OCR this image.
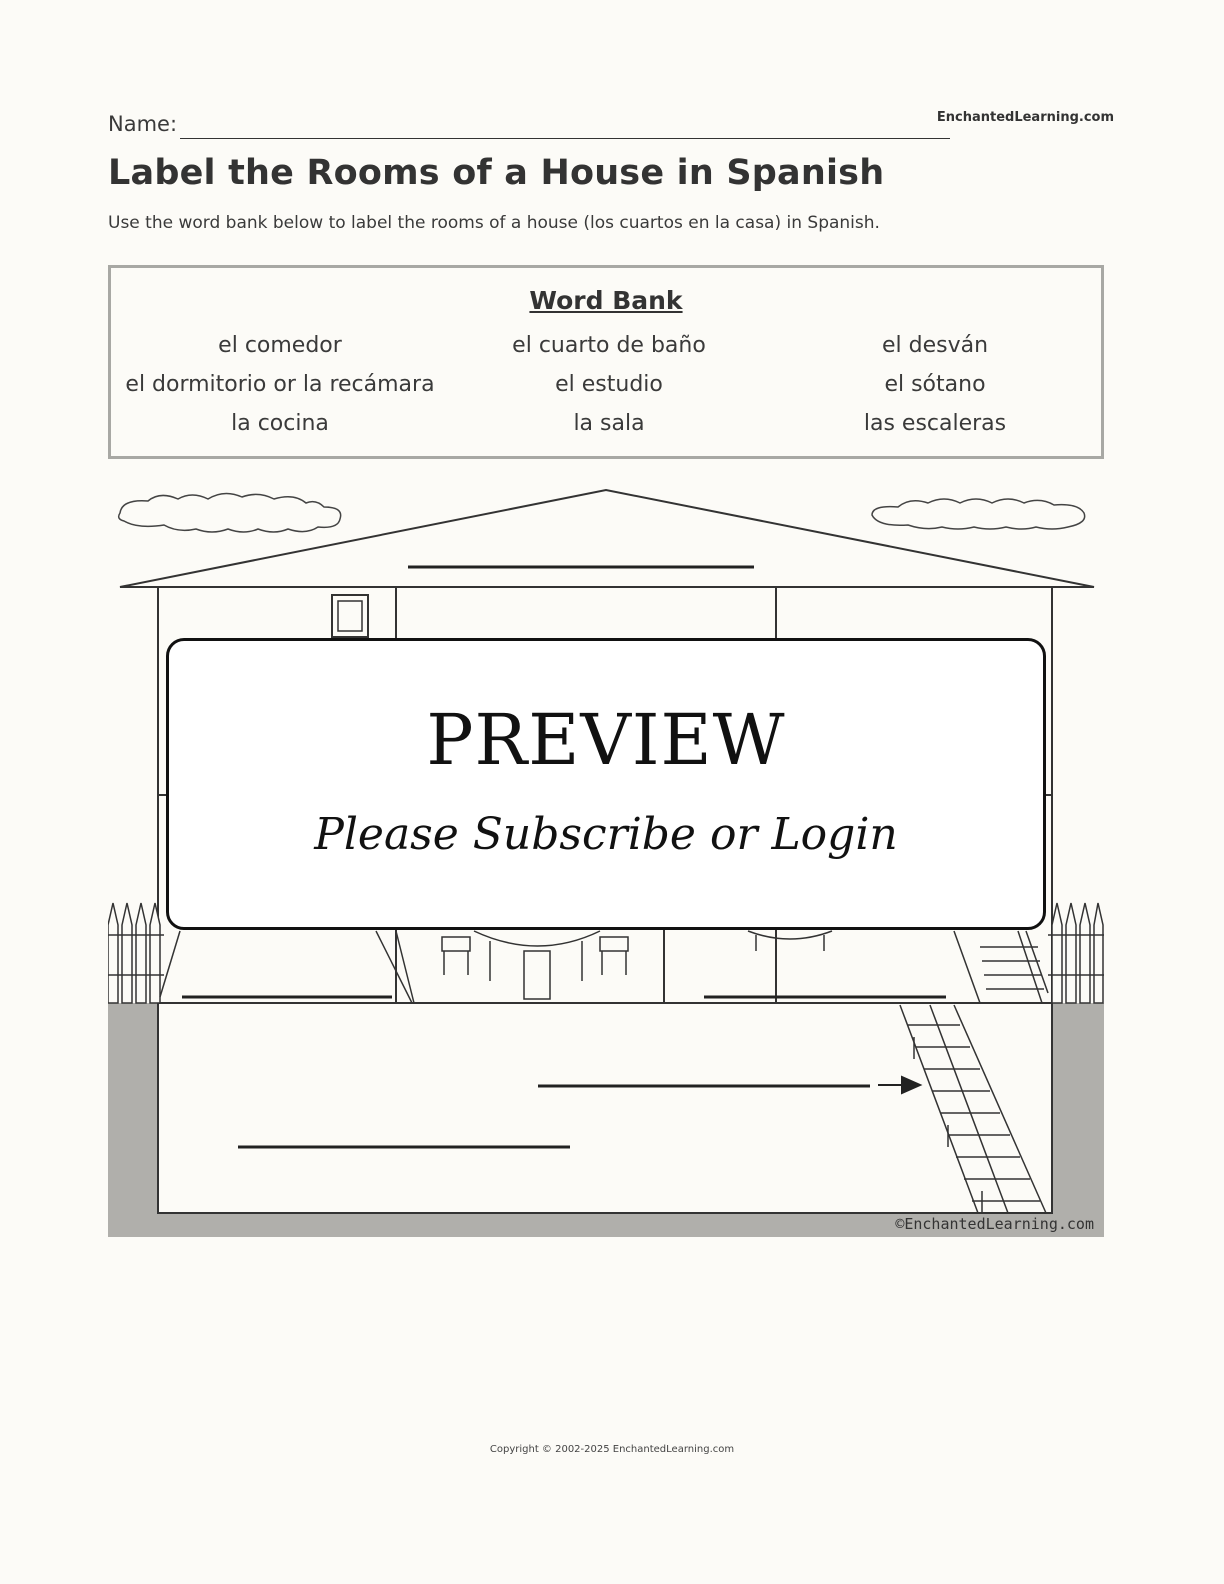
Name:	EnchantedLearning.com
Label the Rooms of a House in Spanish
Use the word bank below to label the rooms of a house (los cuartos en la casa) in Spanish.
Word Bank
el comedor	el cuarto de baño	el desván
el dormitorio or la recámara	el estudio	el sótano
la cocina	la sala	las escaleras
©EnchantedLearning.com
PREVIEW
Please Subscribe or Login
Copyright © 2002-2025 EnchantedLearning.com
